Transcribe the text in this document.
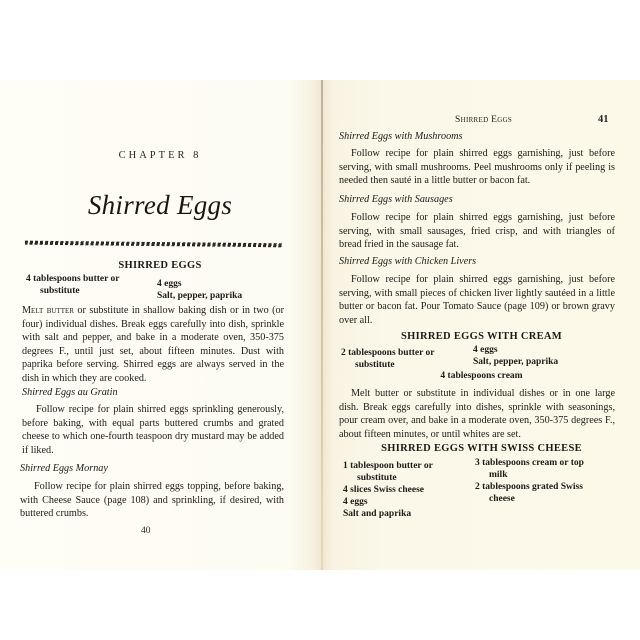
CHAPTER 8
Shirred Eggs
SHIRRED EGGS
4 tablespoons butter or
substitute
4 eggs
Salt, pepper, paprika
Melt butter or substitute in shallow baking dish or in two (or four) individual dishes. Break eggs carefully into dish, sprinkle with salt and pepper, and bake in a moderate oven, 350-375 degrees F., until just set, about fifteen minutes. Dust with paprika before serving. Shirred eggs are always served in the dish in which they are cooked.
Shirred Eggs au Gratin
Follow recipe for plain shirred eggs sprinkling generously, before baking, with equal parts buttered crumbs and grated cheese to which one-fourth teaspoon dry mustard may be added if liked.
Shirred Eggs Mornay
Follow recipe for plain shirred eggs topping, before baking, with Cheese Sauce (page 108) and sprinkling, if desired, with buttered crumbs.
40
Shirred Eggs	41
Shirred Eggs with Mushrooms
Follow recipe for plain shirred eggs garnishing, just before serving, with small mushrooms. Peel mushrooms only if peeling is needed then sauté in a little butter or bacon fat.
Shirred Eggs with Sausages
Follow recipe for plain shirred eggs garnishing, just before serving, with small sausages, fried crisp, and with triangles of bread fried in the sausage fat.
Shirred Eggs with Chicken Livers
Follow recipe for plain shirred eggs garnishing, just before serving, with small pieces of chicken liver lightly sautéed in a little butter or bacon fat. Pour Tomato Sauce (page 109) or brown gravy over all.
SHIRRED EGGS WITH CREAM
2 tablespoons butter or
substitute
4 eggs
Salt, pepper, paprika
4 tablespoons cream
Melt butter or substitute in individual dishes or in one large dish. Break eggs carefully into dishes, sprinkle with seasonings, pour cream over, and bake in a moderate oven, 350-375 degrees F., about fifteen minutes, or until whites are set.
SHIRRED EGGS WITH SWISS CHEESE
1 tablespoon butter or
substitute
4 slices Swiss cheese
4 eggs
Salt and paprika
3 tablespoons cream or top
milk
2 tablespoons grated Swiss
cheese
